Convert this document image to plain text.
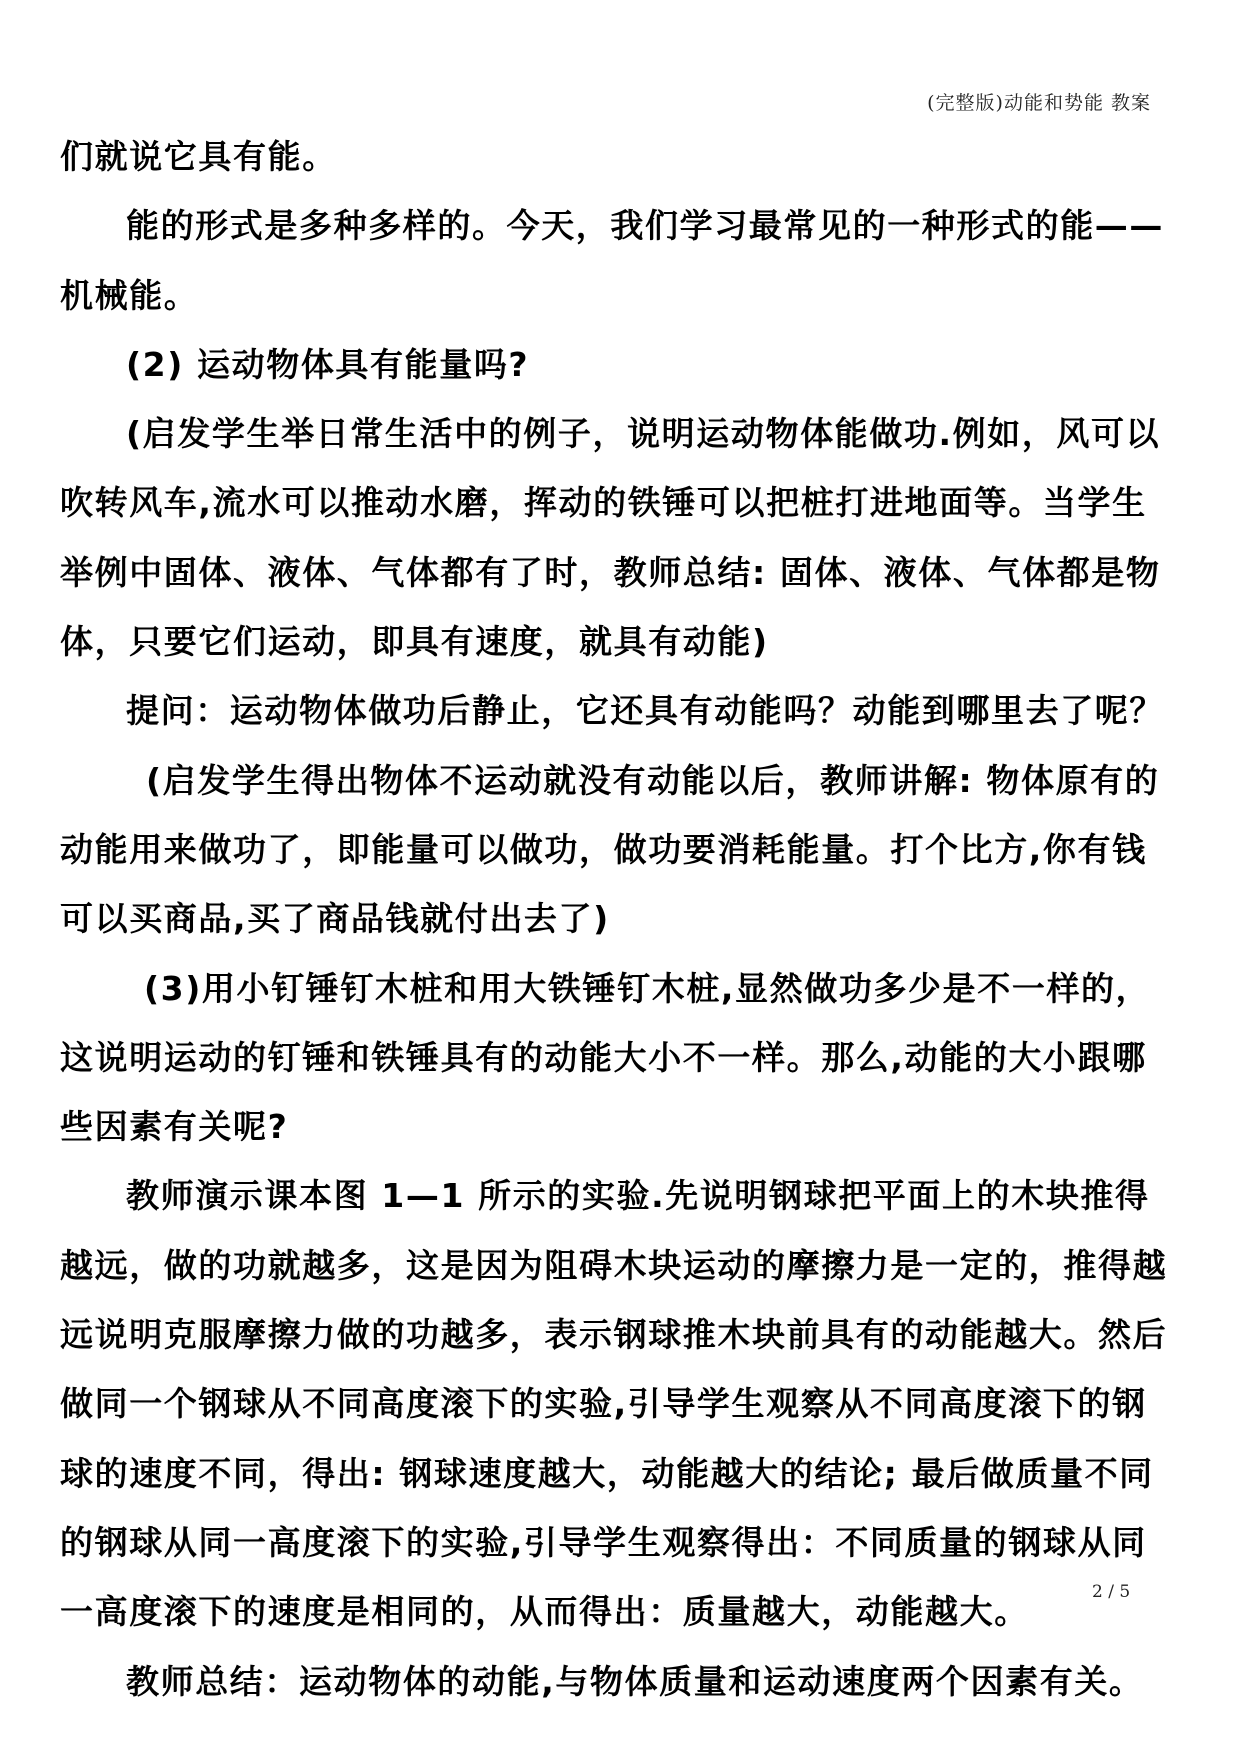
(完整版)动能和势能 教案
们就说它具有能。
能的形式是多种多样的。今天，我们学习最常见的一种形式的能——
机械能。
(2) 运动物体具有能量吗?
(启发学生举日常生活中的例子，说明运动物体能做功.例如，风可以
吹转风车,流水可以推动水磨，挥动的铁锤可以把桩打进地面等。当学生
举例中固体、液体、气体都有了时，教师总结: 固体、液体、气体都是物
体，只要它们运动，即具有速度，就具有动能)
提问：运动物体做功后静止，它还具有动能吗？动能到哪里去了呢？
(启发学生得出物体不运动就没有动能以后，教师讲解: 物体原有的
动能用来做功了，即能量可以做功，做功要消耗能量。打个比方,你有钱
可以买商品,买了商品钱就付出去了)
(3)用小钉锤钉木桩和用大铁锤钉木桩,显然做功多少是不一样的，
这说明运动的钉锤和铁锤具有的动能大小不一样。那么,动能的大小跟哪
些因素有关呢?
教师演示课本图 1—1 所示的实验.先说明钢球把平面上的木块推得
越远，做的功就越多，这是因为阻碍木块运动的摩擦力是一定的，推得越
远说明克服摩擦力做的功越多，表示钢球推木块前具有的动能越大。然后
做同一个钢球从不同高度滚下的实验,引导学生观察从不同高度滚下的钢
球的速度不同，得出: 钢球速度越大，动能越大的结论; 最后做质量不同
的钢球从同一高度滚下的实验,引导学生观察得出：不同质量的钢球从同
一高度滚下的速度是相同的，从而得出：质量越大，动能越大。
教师总结：运动物体的动能,与物体质量和运动速度两个因素有关。
2 / 5
